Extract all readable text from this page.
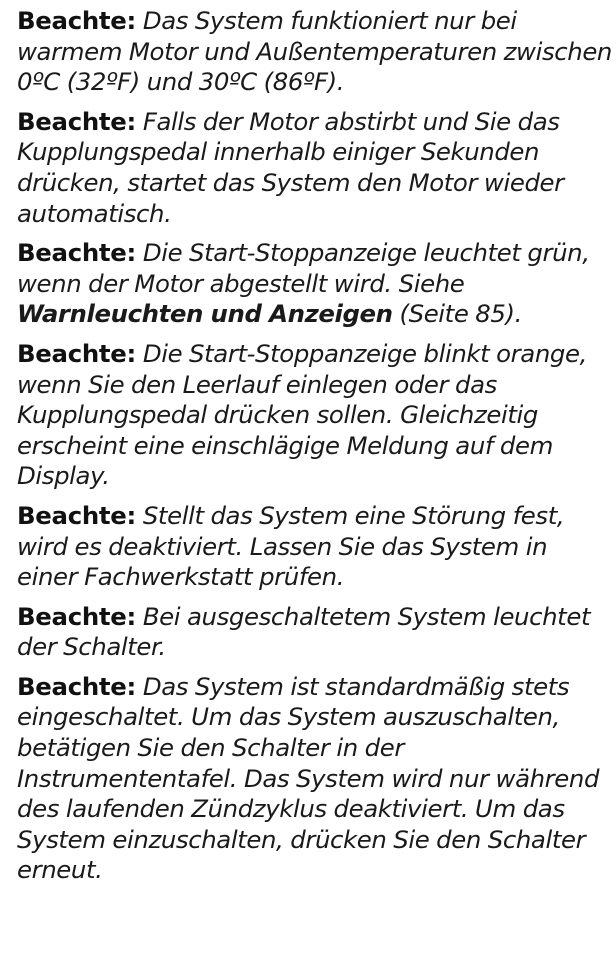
Beachte: Das System funktioniert nur bei warmem Motor und Außentemperaturen zwischen 0ºC (32ºF) und 30ºC (86ºF).

Beachte: Falls der Motor abstirbt und Sie das Kupplungspedal innerhalb einiger Sekunden drücken, startet das System den Motor wieder automatisch.

Beachte: Die Start-Stoppanzeige leuchtet grün, wenn der Motor abgestellt wird. Siehe Warnleuchten und Anzeigen (Seite 85).

Beachte: Die Start-Stoppanzeige blinkt orange, wenn Sie den Leerlauf einlegen oder das Kupplungspedal drücken sollen. Gleichzeitig erscheint eine einschlägige Meldung auf dem Display.

Beachte: Stellt das System eine Störung fest, wird es deaktiviert. Lassen Sie das System in einer Fachwerkstatt prüfen.

Beachte: Bei ausgeschaltetem System leuchtet der Schalter.

Beachte: Das System ist standardmäßig stets eingeschaltet. Um das System auszuschalten, betätigen Sie den Schalter in der Instrumententafel. Das System wird nur während des laufenden Zündzyklus deaktiviert. Um das System einzuschalten, drücken Sie den Schalter erneut.
